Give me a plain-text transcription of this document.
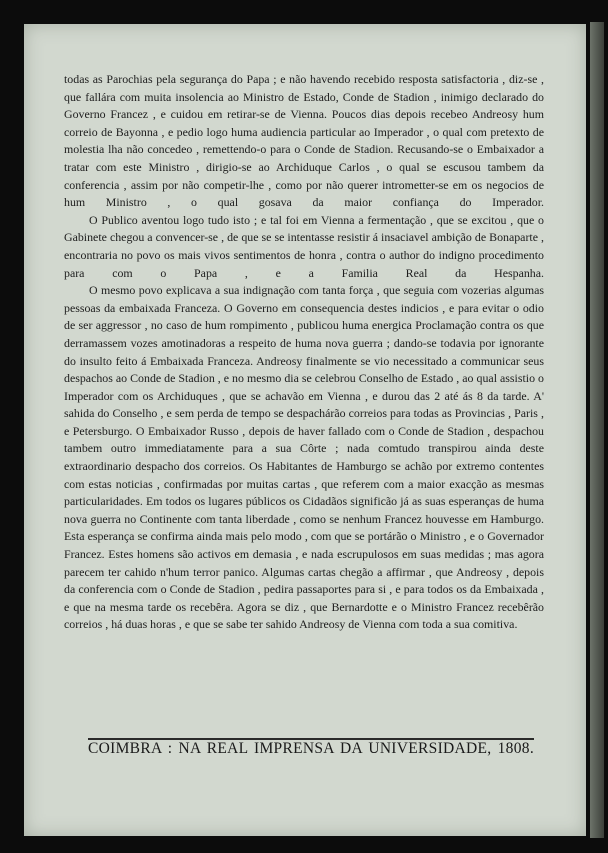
todas as Parochias pela segurança do Papa ; e não havendo recebido resposta satisfactoria , diz-se , que fallára com muita insolencia ao Ministro de Estado, Conde de Stadion , inimigo declarado do Governo Francez , e cuidou em retirar-se de Vienna. Poucos dias depois recebeo Andreosy hum correio de Bayonna , e pedio logo huma audiencia particular ao Imperador , o qual com pretexto de molestia lha não concedeo , remettendo-o para o Conde de Stadion. Recusando-se o Embaixador a tratar com este Ministro , dirigio-se ao Archiduque Carlos , o qual se escusou tambem da conferencia , assim por não competir-lhe , como por não querer intrometter-se em os negocios de hum Ministro , o qual gosava da maior confiança do Imperador.

O Publico aventou logo tudo isto ; e tal foi em Vienna a fermentação , que se excitou , que o Gabinete chegou a convencer-se , de que se se intentasse resistir á insaciavel ambição de Bonaparte , encontraria no povo os mais vivos sentimentos de honra , contra o author do indigno procedimento para com o Papa , e a Familia Real da Hespanha.

O mesmo povo explicava a sua indignação com tanta força , que seguia com vozerias algumas pessoas da embaixada Franceza. O Governo em consequencia destes indicios , e para evitar o odio de ser aggressor , no caso de hum rompimento , publicou huma energica Proclamação contra os que derramassem vozes amotinadoras a respeito de huma nova guerra ; dando-se todavia por ignorante do insulto feito á Embaixada Franceza. Andreosy finalmente se vio necessitado a communicar seus despachos ao Conde de Stadion , e no mesmo dia se celebrou Conselho de Estado , ao qual assistio o Imperador com os Archiduques , que se achavão em Vienna , e durou das 2 até ás 8 da tarde. A' sahida do Conselho , e sem perda de tempo se despachárão correios para todas as Provincias , Paris , e Petersburgo. O Embaixador Russo , depois de haver fallado com o Conde de Stadion , despachou tambem outro immediatamente para a sua Côrte ; nada comtudo transpirou ainda deste extraordinario despacho dos correios. Os Habitantes de Hamburgo se achão por extremo contentes com estas noticias , confirmadas por muitas cartas , que referem com a maior exacção as mesmas particularidades. Em todos os lugares públicos os Cidadãos significão já as suas esperanças de huma nova guerra no Continente com tanta liberdade , como se nenhum Francez houvesse em Hamburgo. Esta esperança se confirma ainda mais pelo modo , com que se portárão o Ministro , e o Governador Francez. Estes homens são activos em demasia , e nada escrupulosos em suas medidas ; mas agora parecem ter cahido n'hum terror panico. Algumas cartas chegão a affirmar , que Andreosy , depois da conferencia com o Conde de Stadion , pedira passaportes para si , e para todos os da Embaixada , e que na mesma tarde os recebêra. Agora se diz , que Bernardotte e o Ministro Francez recebêrão correios , há duas horas , e que se sabe ter sahido Andreosy de Vienna com toda a sua comitiva.

COIMBRA : NA REAL IMPRENSA DA UNIVERSIDADE, 1808.
